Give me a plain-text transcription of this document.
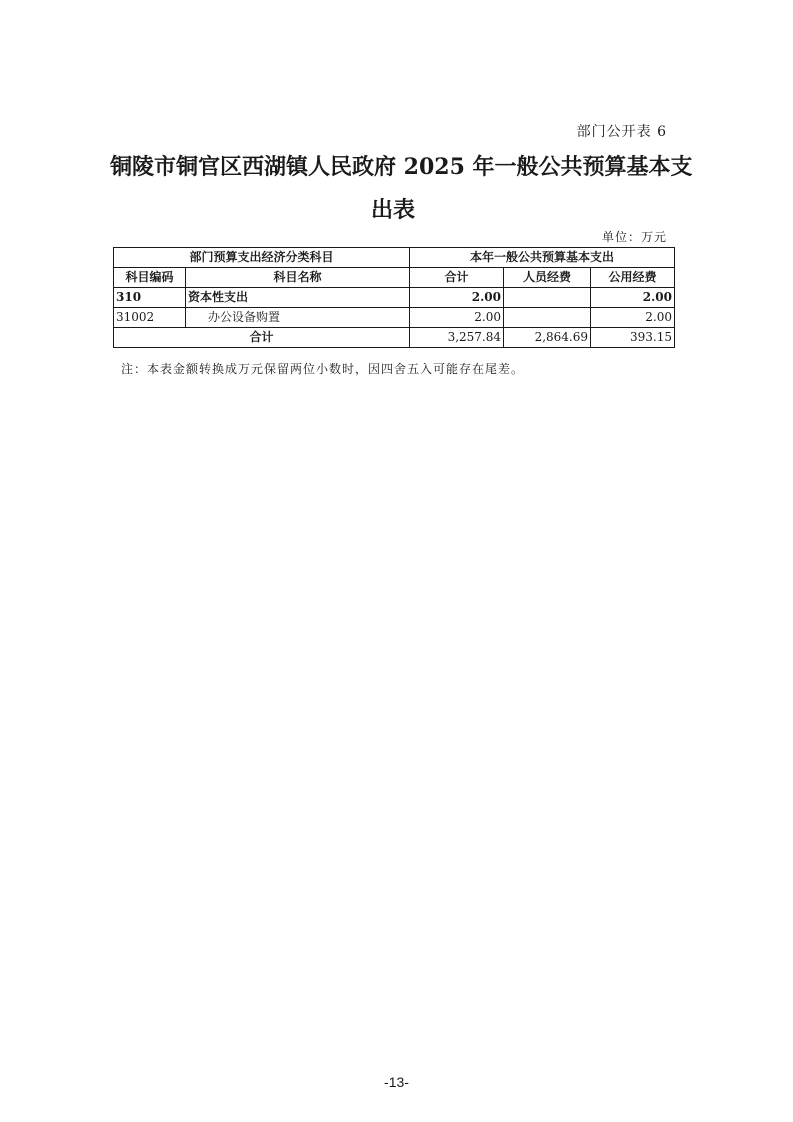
部门公开表 6
铜陵市铜官区西湖镇人民政府 2025 年一般公共预算基本支
出表
单位：万元
部门预算支出经济分类科目		本年一般公共预算基本支出		
科目编码	科目名称	合计	人员经费	公用经费
310	资本性支出	2.00		2.00
31002	办公设备购置	2.00		2.00
合计		3,257.84	2,864.69	393.15
注：本表金额转换成万元保留两位小数时，因四舍五入可能存在尾差。
-13-
